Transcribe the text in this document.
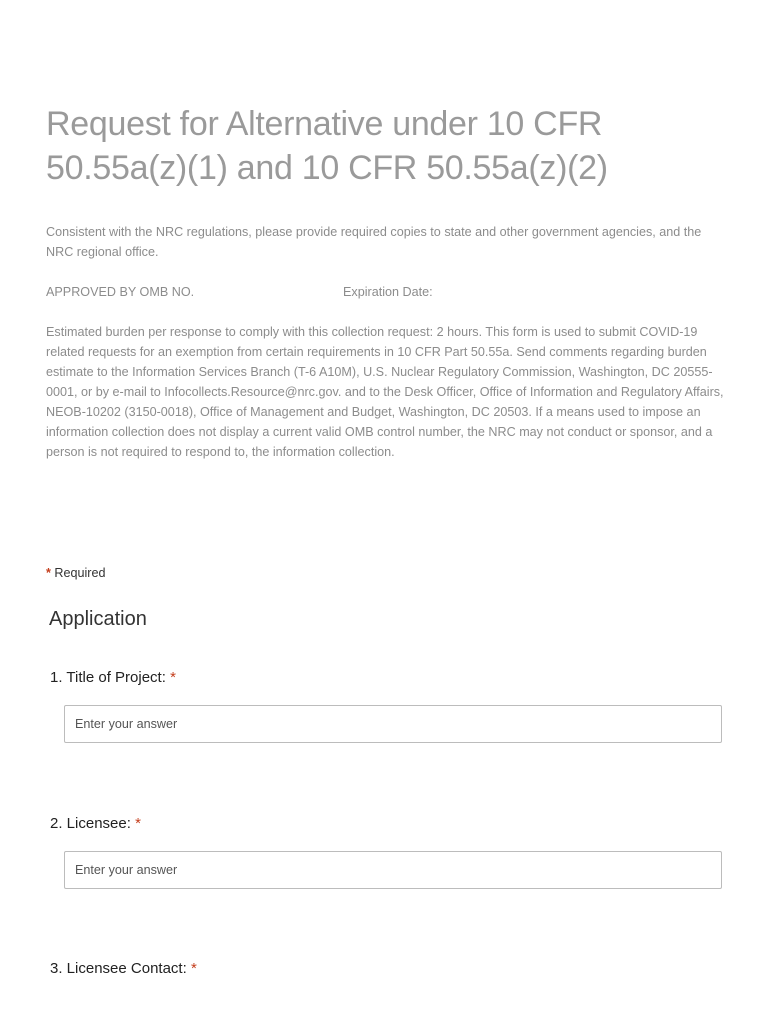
Request for Alternative under 10 CFR 50.55a(z)(1) and 10 CFR 50.55a(z)(2)

Consistent with the NRC regulations, please provide required copies to state and other government agencies, and the NRC regional office.

APPROVED BY OMB NO.	Expiration Date:

Estimated burden per response to comply with this collection request: 2 hours. This form is used to submit COVID-19 related requests for an exemption from certain requirements in 10 CFR Part 50.55a. Send comments regarding burden estimate to the Information Services Branch (T-6 A10M), U.S. Nuclear Regulatory Commission, Washington, DC 20555-0001, or by e-mail to Infocollects.Resource@nrc.gov. and to the Desk Officer, Office of Information and Regulatory Affairs, NEOB-10202 (3150-0018), Office of Management and Budget, Washington, DC 20503. If a means used to impose an information collection does not display a current valid OMB control number, the NRC may not conduct or sponsor, and a person is not required to respond to, the information collection.

* Required
Application

1. Title of Project: *

Enter your answer

2. Licensee: *

Enter your answer

3. Licensee Contact: *
